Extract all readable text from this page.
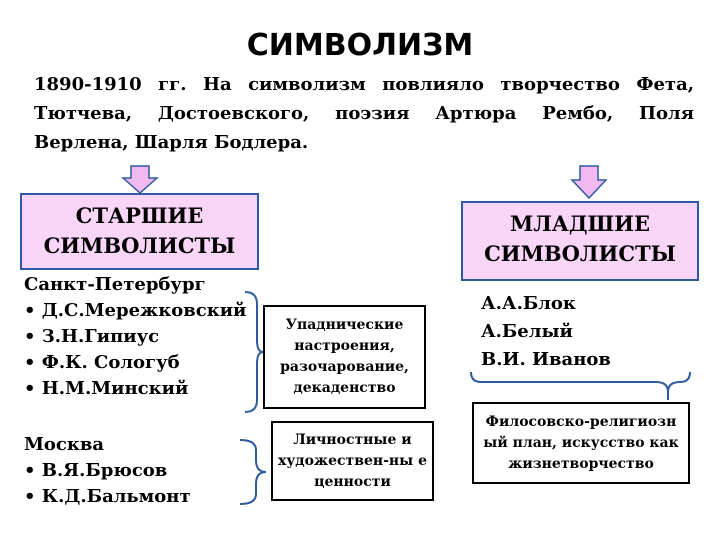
СИМВОЛИЗМ
1890-1910 гг. На символизм повлияло творчество Фета, Тютчева, Достоевского, поэзия Артюра Рембо, Поля Верлена, Шарля Бодлера.
СТАРШИЕ СИМВОЛИСТЫ
МЛАДШИЕ СИМВОЛИСТЫ
Санкт-Петербург
• Д.С.Мережковский
• З.Н.Гипиус
• Ф.К. Сологуб
• Н.М.Минский
Москва
• В.Я.Брюсов
• К.Д.Бальмонт
Упаднические настроения, разочарование, декаденство
Личностные и художествен-ны е ценности
А.А.Блок
А.Белый
В.И. Иванов
Филосовско-религиозн ый план, искусство как жизнетворчество
